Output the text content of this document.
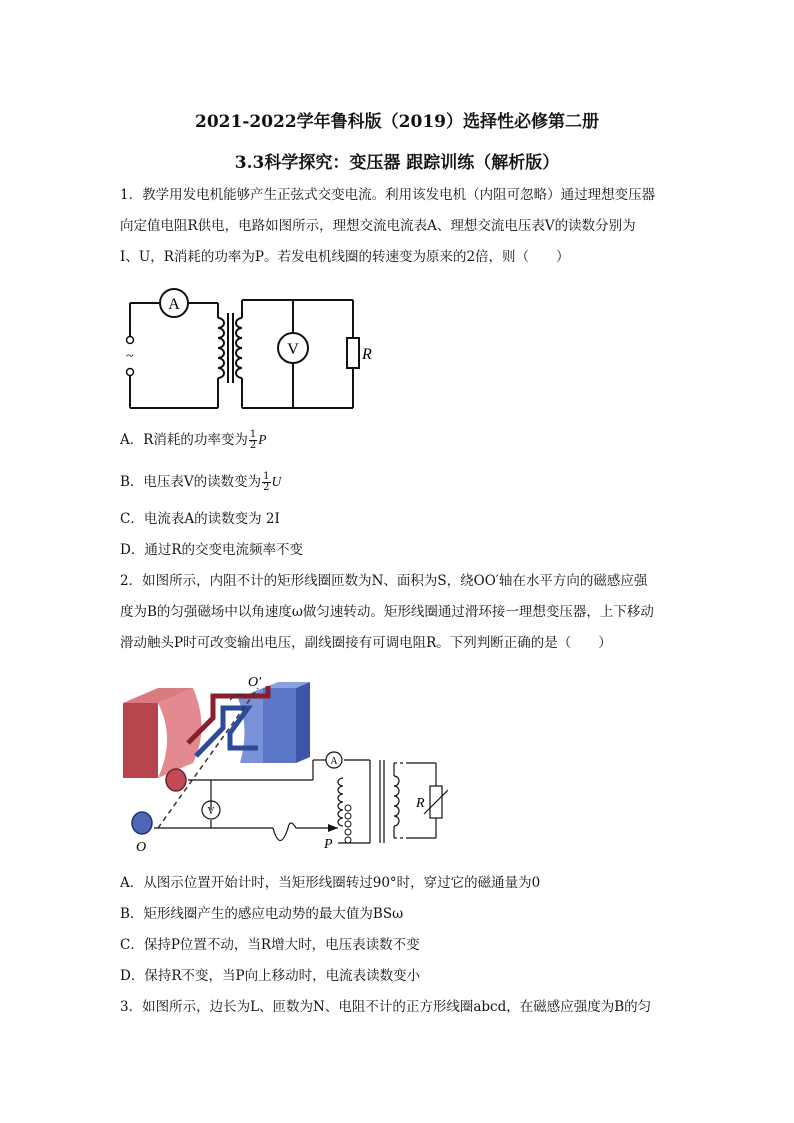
2021-2022学年鲁科版（2019）选择性必修第二册
3.3科学探究：变压器 跟踪训练（解析版）
1．教学用发电机能够产生正弦式交变电流。利用该发电机（内阻可忽略）通过理想变压器
向定值电阻R供电，电路如图所示，理想交流电流表A、理想交流电压表V的读数分别为
I、U，R消耗的功率为P。若发电机线圈的转速变为原来的2倍，则（　　）
~
A
V	R
A．R消耗的功率变为 $\frac{1}{2}$ P
B．电压表V的读数变为 $\frac{1}{2}$ U
C．电流表A的读数变为 2I
D．通过R的交变电流频率不变
2．如图所示，内阻不计的矩形线圈匝数为N、面积为S，绕OO′轴在水平方向的磁感应强
度为B的匀强磁场中以角速度ω做匀速转动。矩形线圈通过滑环接一理想变压器，上下移动
滑动触头P时可改变输出电压，副线圈接有可调电阻R。下列判断正确的是（　　）
O′
O
A
V
R
P
A．从图示位置开始计时，当矩形线圈转过90°时，穿过它的磁通量为0
B．矩形线圈产生的感应电动势的最大值为BSω
C．保持P位置不动，当R增大时，电压表读数不变
D．保持R不变，当P向上移动时，电流表读数变小
3．如图所示，边长为L、匝数为N、电阻不计的正方形线圈abcd，在磁感应强度为B的匀
